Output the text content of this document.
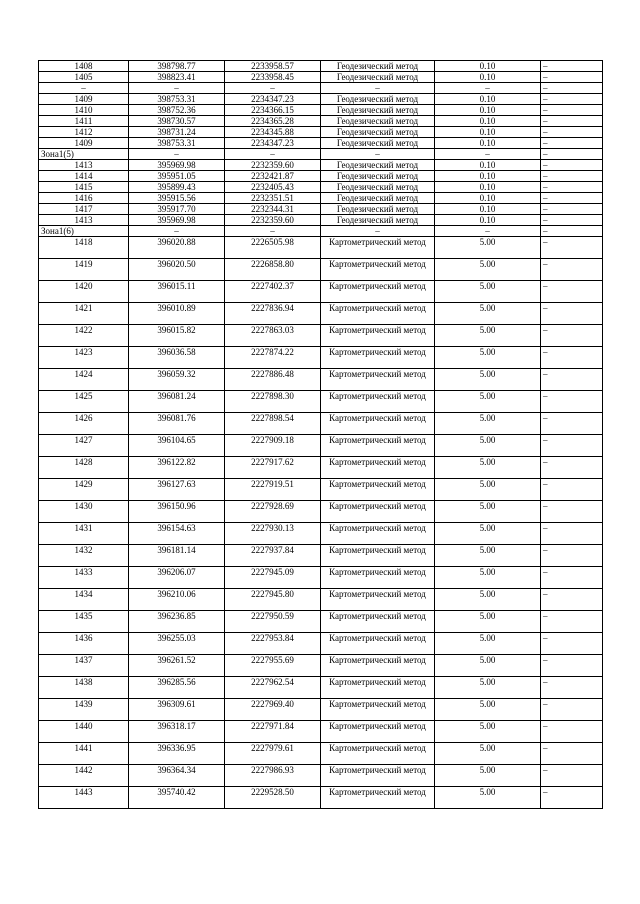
1408	398798.77	2233958.57	Геодезический метод	0.10	–
1405	398823.41	2233958.45	Геодезический метод	0.10	–
–	–	–	–	–	–
1409	398753.31	2234347.23	Геодезический метод	0.10	–
1410	398752.36	2234366.15	Геодезический метод	0.10	–
1411	398730.57	2234365.28	Геодезический метод	0.10	–
1412	398731.24	2234345.88	Геодезический метод	0.10	–
1409	398753.31	2234347.23	Геодезический метод	0.10	–
Зона1(5)	–	–	–	–	–
1413	395969.98	2232359.60	Геодезический метод	0.10	–
1414	395951.05	2232421.87	Геодезический метод	0.10	–
1415	395899.43	2232405.43	Геодезический метод	0.10	–
1416	395915.56	2232351.51	Геодезический метод	0.10	–
1417	395917.70	2232344.31	Геодезический метод	0.10	–
1413	395969.98	2232359.60	Геодезический метод	0.10	–
Зона1(6)	–	–	–	–	–
1418	396020.88	2226505.98	Картометрический метод	5.00	–
1419	396020.50	2226858.80	Картометрический метод	5.00	–
1420	396015.11	2227402.37	Картометрический метод	5.00	–
1421	396010.89	2227836.94	Картометрический метод	5.00	–
1422	396015.82	2227863.03	Картометрический метод	5.00	–
1423	396036.58	2227874.22	Картометрический метод	5.00	–
1424	396059.32	2227886.48	Картометрический метод	5.00	–
1425	396081.24	2227898.30	Картометрический метод	5.00	–
1426	396081.76	2227898.54	Картометрический метод	5.00	–
1427	396104.65	2227909.18	Картометрический метод	5.00	–
1428	396122.82	2227917.62	Картометрический метод	5.00	–
1429	396127.63	2227919.51	Картометрический метод	5.00	–
1430	396150.96	2227928.69	Картометрический метод	5.00	–
1431	396154.63	2227930.13	Картометрический метод	5.00	–
1432	396181.14	2227937.84	Картометрический метод	5.00	–
1433	396206.07	2227945.09	Картометрический метод	5.00	–
1434	396210.06	2227945.80	Картометрический метод	5.00	–
1435	396236.85	2227950.59	Картометрический метод	5.00	–
1436	396255.03	2227953.84	Картометрический метод	5.00	–
1437	396261.52	2227955.69	Картометрический метод	5.00	–
1438	396285.56	2227962.54	Картометрический метод	5.00	–
1439	396309.61	2227969.40	Картометрический метод	5.00	–
1440	396318.17	2227971.84	Картометрический метод	5.00	–
1441	396336.95	2227979.61	Картометрический метод	5.00	–
1442	396364.34	2227986.93	Картометрический метод	5.00	–
1443	395740.42	2229528.50	Картометрический метод	5.00	–
